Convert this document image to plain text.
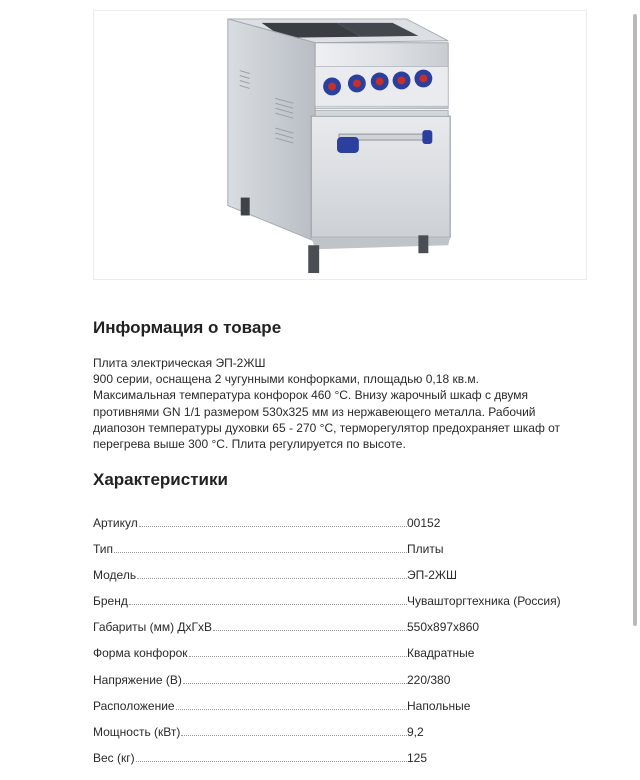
Информация о товаре
Плита электрическая ЭП-2ЖШ
900 серии, оснащена 2 чугунными конфорками, площадью 0,18 кв.м.
Максимальная температура конфорок 460 °С. Внизу жарочный шкаф с двумя
противнями GN 1/1 размером 530х325 мм из нержавеющего металла. Рабочий
диапозон температуры духовки 65 - 270 °С, терморегулятор предохраняет шкаф от
перегрева выше 300 °С. Плита регулируется по высоте.
Характеристики
Артикул	00152
Тип	Плиты
Модель	ЭП-2ЖШ
Бренд	Чувашторгтехника (Россия)
Габариты (мм) ДхГхВ	550х897х860
Форма конфорок	Квадратные
Напряжение (В)	220/380
Расположение	Напольные
Мощность (кВт)	9,2
Вес (кг)	125
